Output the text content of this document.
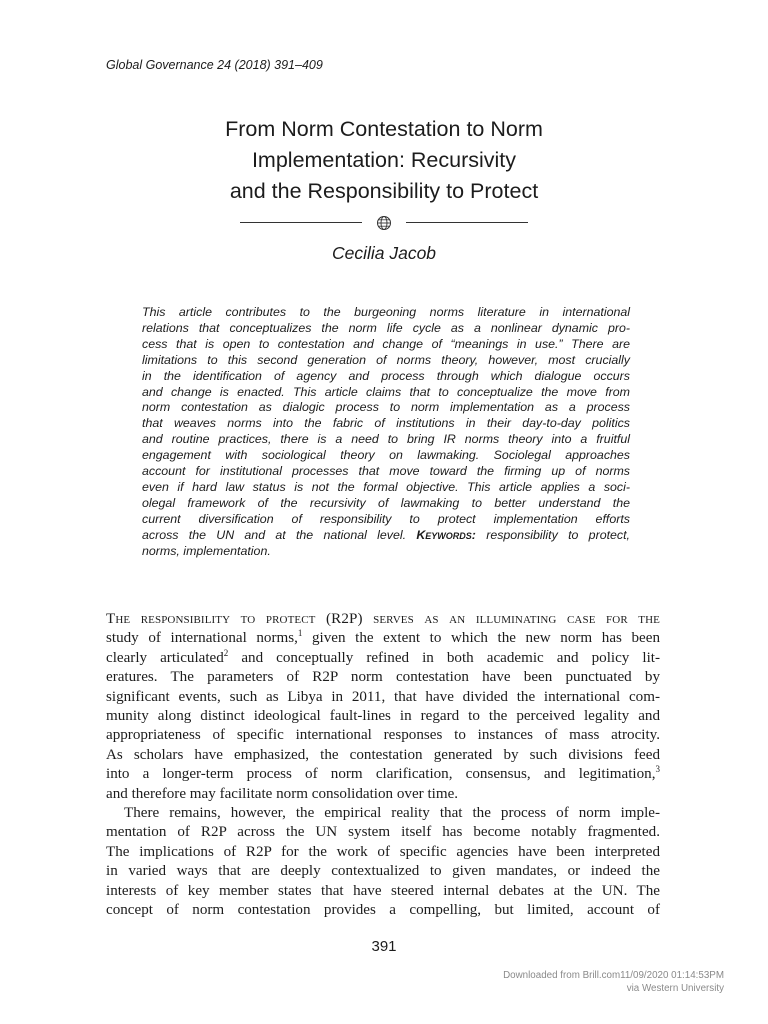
Global Governance 24 (2018) 391–409
From Norm Contestation to Norm
Implementation: Recursivity
and the Responsibility to Protect
Cecilia Jacob
This article contributes to the burgeoning norms literature in international
relations that conceptualizes the norm life cycle as a nonlinear dynamic pro-
cess that is open to contestation and change of “meanings in use.” There are
limitations to this second generation of norms theory, however, most crucially
in the identification of agency and process through which dialogue occurs
and change is enacted. This article claims that to conceptualize the move from
norm contestation as dialogic process to norm implementation as a process
that weaves norms into the fabric of institutions in their day-to-day politics
and routine practices, there is a need to bring IR norms theory into a fruitful
engagement with sociological theory on lawmaking. Sociolegal approaches
account for institutional processes that move toward the firming up of norms
even if hard law status is not the formal objective. This article applies a soci-
olegal framework of the recursivity of lawmaking to better understand the
current diversification of responsibility to protect implementation efforts
across the UN and at the national level. Keywords: responsibility to protect,
norms, implementation.
The responsibility to protect (R2P) serves as an illuminating case for the
study of international norms,$^1$ given the extent to which the new norm has been
clearly articulated$^2$ and conceptually refined in both academic and policy lit-
eratures. The parameters of R2P norm contestation have been punctuated by
significant events, such as Libya in 2011, that have divided the international com-
munity along distinct ideological fault-lines in regard to the perceived legality and
appropriateness of specific international responses to instances of mass atrocity.
As scholars have emphasized, the contestation generated by such divisions feed
into a longer-term process of norm clarification, consensus, and legitimation,$^3$
and therefore may facilitate norm consolidation over time.
There remains, however, the empirical reality that the process of norm imple-
mentation of R2P across the UN system itself has become notably fragmented.
The implications of R2P for the work of specific agencies have been interpreted
in varied ways that are deeply contextualized to given mandates, or indeed the
interests of key member states that have steered internal debates at the UN. The
concept of norm contestation provides a compelling, but limited, account of
391
Downloaded from Brill.com11/09/2020 01:14:53PM
via Western University
